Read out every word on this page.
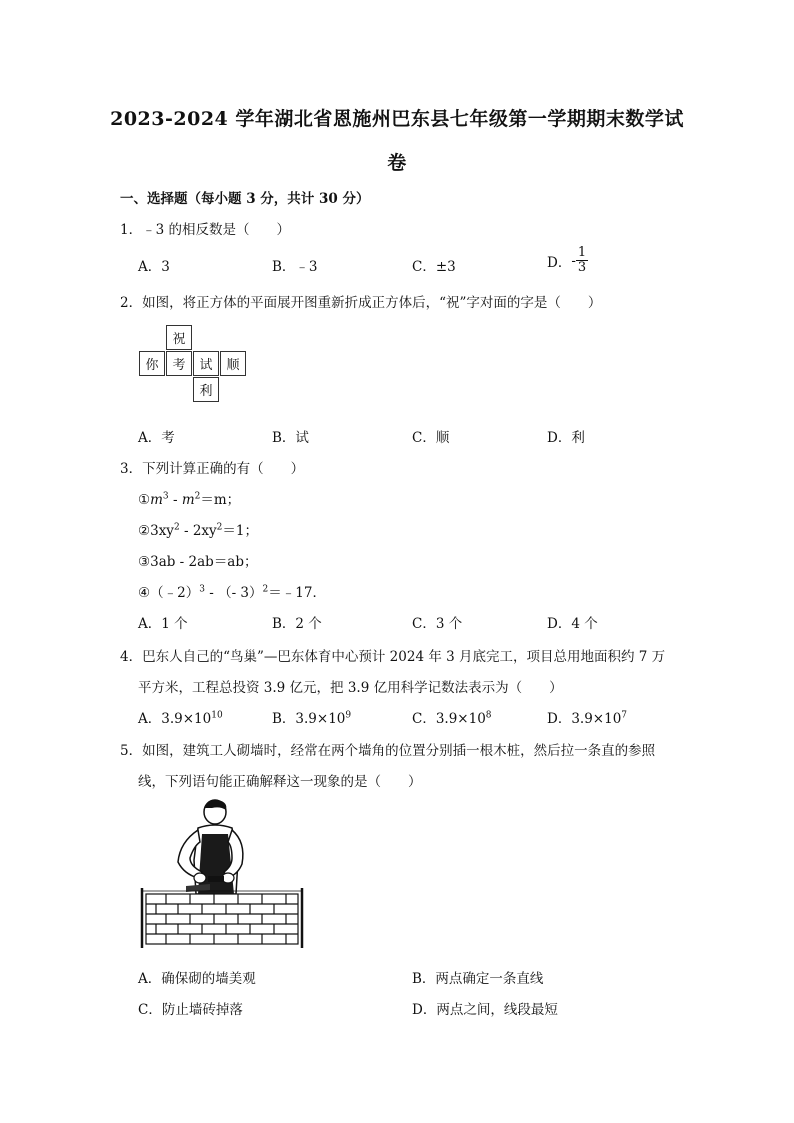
2023-2024 学年湖北省恩施州巴东县七年级第一学期期末数学试
卷
一、选择题（每小题 3 分，共计 30 分）
1．﹣3 的相反数是（　　）
A．3	B．﹣3	C．±3	D． - $\frac{1}{3}$
2．如图，将正方体的平面展开图重新折成正方体后，“祝”字对面的字是（　　）
祝
你	考	试	顺
利
A．考	B．试	C．顺	D．利
3．下列计算正确的有（　　）
$①m^3 - m^2=m$；
$②3xy^2 - 2xy^2=1$；
③3ab - 2ab＝ab；
④（﹣2）$^3$ - （- 3）$^2$＝﹣17．
A．1 个	B．2 个	C．3 个	D．4 个
4．巴东人自己的“鸟巢”—巴东体育中心预计 2024 年 3 月底完工，项目总用地面积约 7 万
平方米，工程总投资 3.9 亿元，把 3.9 亿用科学记数法表示为（　　）
A．$3.9\times 10^{10}$	B．$3.9\times 10^9$	C．$3.9\times 10^8$	D．$3.9\times 10^7$
5．如图，建筑工人砌墙时，经常在两个墙角的位置分别插一根木桩，然后拉一条直的参照
线，下列语句能正确解释这一现象的是（　　）
A．确保砌的墙美观	B．两点确定一条直线
C．防止墙砖掉落	D．两点之间，线段最短
